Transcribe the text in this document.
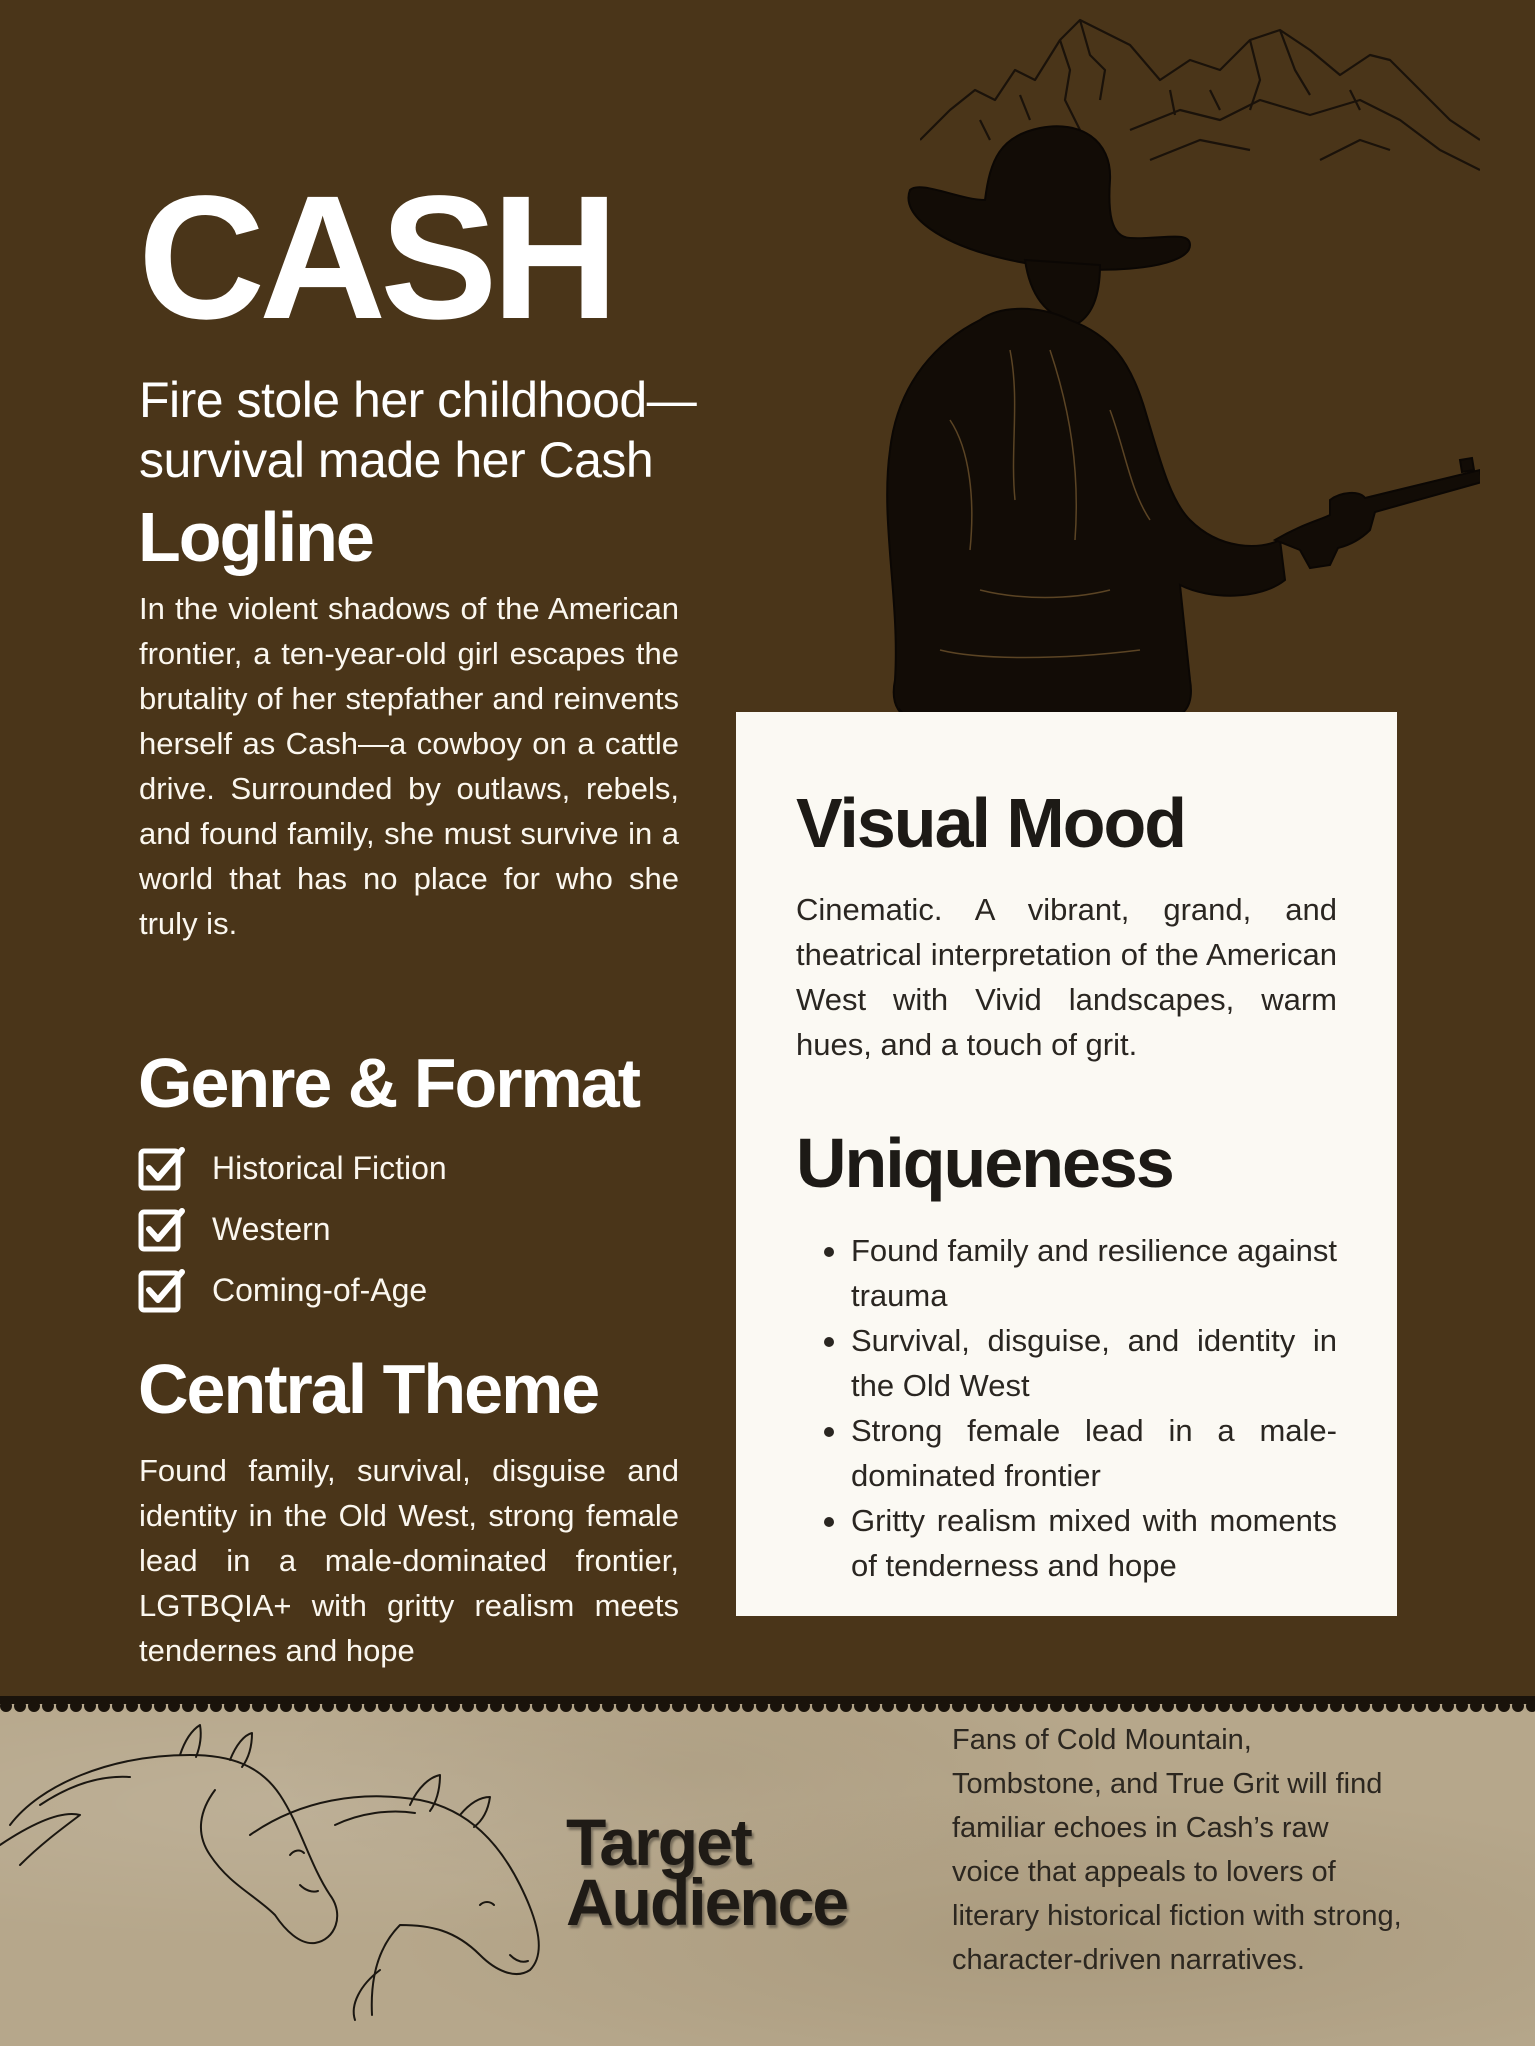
CASH
Fire stole her childhood—survival made her Cash
Logline

In the violent shadows of the American frontier, a ten-year-old girl escapes the brutality of her stepfather and reinvents herself as Cash—a cowboy on a cattle drive. Surrounded by outlaws, rebels, and found family, she must survive in a world that has no place for who she truly is.

Genre & Format
Historical Fiction
Western
Coming-of-Age
Central Theme

Found family, survival, disguise and identity in the Old West, strong female lead in a male-dominated frontier, LGTBQIA+ with gritty realism meets tendernes and hope

Visual Mood

Cinematic. A vibrant, grand, and theatrical interpretation of the American West with Vivid landscapes, warm hues, and a touch of grit.

Uniqueness
Found family and resilience against trauma
Survival, disguise, and identity in the Old West
Strong female lead in a male-dominated frontier
Gritty realism mixed with moments of tenderness and hope
Target
Audience

Fans of Cold Mountain, Tombstone, and True Grit will find familiar echoes in Cash’s raw voice that appeals to lovers of literary historical fiction with strong, character-driven narratives.
